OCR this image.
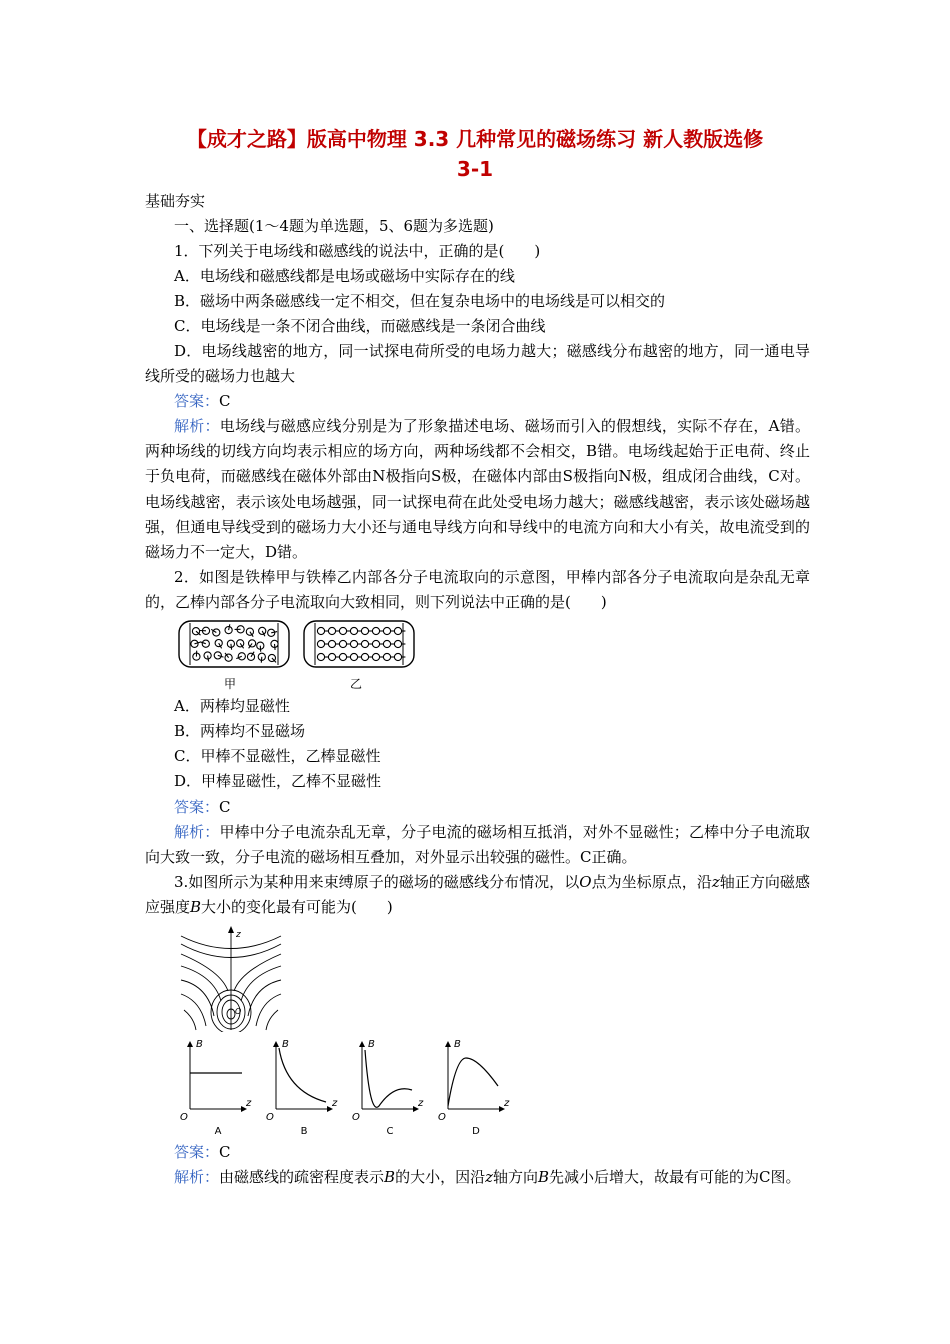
【成才之路】版高中物理 3.3 几种常见的磁场练习 新人教版选修
3-1
基础夯实
一、选择题(1～4题为单选题，5、6题为多选题)
1．下列关于电场线和磁感线的说法中，正确的是(　　)
A．电场线和磁感线都是电场或磁场中实际存在的线
B．磁场中两条磁感线一定不相交，但在复杂电场中的电场线是可以相交的
C．电场线是一条不闭合曲线，而磁感线是一条闭合曲线
D．电场线越密的地方，同一试探电荷所受的电场力越大；磁感线分布越密的地方，同一通电导线所受的磁场力也越大
答案：C
解析：电场线与磁感应线分别是为了形象描述电场、磁场而引入的假想线，实际不存在，A错。两种场线的切线方向均表示相应的场方向，两种场线都不会相交，B错。电场线起始于正电荷、终止于负电荷，而磁感线在磁体外部由N极指向S极，在磁体内部由S极指向N极，组成闭合曲线，C对。电场线越密，表示该处电场越强，同一试探电荷在此处受电场力越大；磁感线越密，表示该处磁场越强，但通电导线受到的磁场力大小还与通电导线方向和导线中的电流方向和大小有关，故电流受到的磁场力不一定大，D错。
2．如图是铁棒甲与铁棒乙内部各分子电流取向的示意图，甲棒内部各分子电流取向是杂乱无章的，乙棒内部各分子电流取向大致相同，则下列说法中正确的是(　　)
甲	乙
A．两棒均显磁性
B．两棒均不显磁场
C．甲棒不显磁性，乙棒显磁性
D．甲棒显磁性，乙棒不显磁性
答案：C
解析：甲棒中分子电流杂乱无章，分子电流的磁场相互抵消，对外不显磁性；乙棒中分子电流取向大致一致，分子电流的磁场相互叠加，对外显示出较强的磁性。C正确。
3.如图所示为某种用来束缚原子的磁场的磁感线分布情况，以O点为坐标原点，沿z轴正方向磁感应强度B大小的变化最有可能为(　　)
z
O
B
z
O
A
B
z
O
B
B
z
O
C
B
z
O
D
答案：C
解析：由磁感线的疏密程度表示B的大小，因沿z轴方向B先减小后增大，故最有可能的为C图。
